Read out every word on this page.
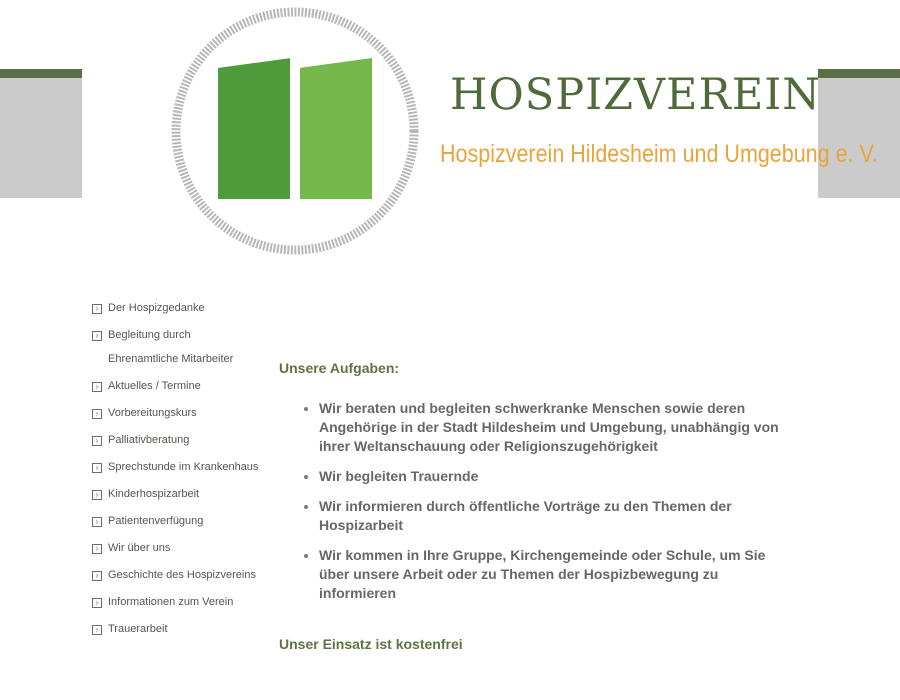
HOSPIZVEREIN
Hospizverein Hildesheim und Umgebung e. V.
› Der Hospizgedanke
› Begleitung durch Ehrenamtliche Mitarbeiter
› Aktuelles / Termine
› Vorbereitungskurs
› Palliativberatung
› Sprechstunde im Krankenhaus
› Kinderhospizarbeit
› Patientenverfügung
› Wir über uns
› Geschichte des Hospizvereins
› Informationen zum Verein
› Trauerarbeit
Unsere Aufgaben:
• Wir beraten und begleiten schwerkranke Menschen sowie deren Angehörige in der Stadt Hildesheim und Umgebung, unabhängig von ihrer Weltanschauung oder Religionszugehörigkeit
• Wir begleiten Trauernde
• Wir informieren durch öffentliche Vorträge zu den Themen der Hospizarbeit
• Wir kommen in Ihre Gruppe, Kirchengemeinde oder Schule, um Sie über unsere Arbeit oder zu Themen der Hospizbewegung zu informieren

Unser Einsatz ist kostenfrei
